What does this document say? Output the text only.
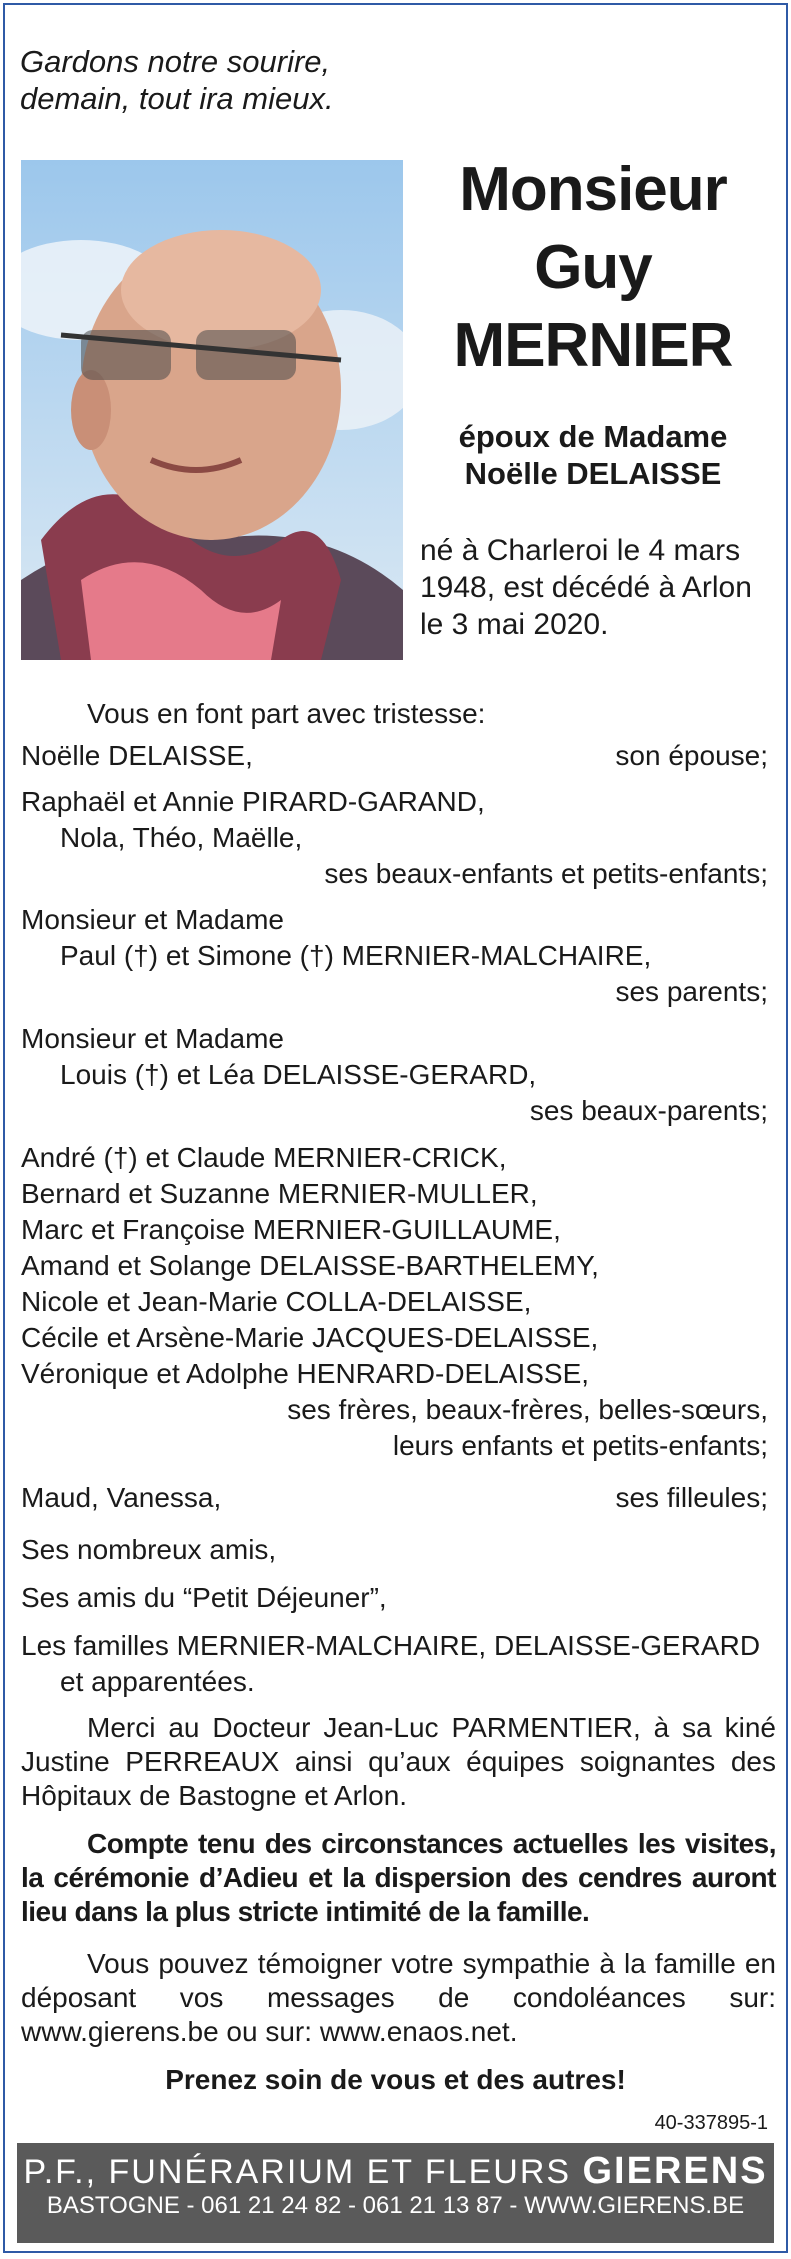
Gardons notre sourire,
demain, tout ira mieux.
Monsieur
Guy
MERNIER
époux de Madame
Noëlle DELAISSE
né à Charleroi le 4 mars
1948, est décédé à Arlon
le 3 mai 2020.
Vous en font part avec tristesse:
Noëlle DELAISSE,	son épouse;
Raphaël et Annie PIRARD-GARAND,
Nola, Théo, Maëlle,
ses beaux-enfants et petits-enfants;
Monsieur et Madame
Paul (†) et Simone (†) MERNIER-MALCHAIRE,
ses parents;
Monsieur et Madame
Louis (†) et Léa DELAISSE-GERARD,
ses beaux-parents;
André (†) et Claude MERNIER-CRICK,
Bernard et Suzanne MERNIER-MULLER,
Marc et Françoise MERNIER-GUILLAUME,
Amand et Solange DELAISSE-BARTHELEMY,
Nicole et Jean-Marie COLLA-DELAISSE,
Cécile et Arsène-Marie JACQUES-DELAISSE,
Véronique et Adolphe HENRARD-DELAISSE,
ses frères, beaux-frères, belles-sœurs,
leurs enfants et petits-enfants;
Maud, Vanessa,	ses filleules;
Ses nombreux amis,
Ses amis du “Petit Déjeuner”,
Les familles MERNIER-MALCHAIRE, DELAISSE-GERARD
et apparentées.
Merci au Docteur Jean-Luc PARMENTIER, à sa kiné Justine PERREAUX ainsi qu’aux équipes soignantes des Hôpitaux de Bastogne et Arlon.
Compte tenu des circonstances actuelles les visites, la cérémonie d’Adieu et la dispersion des cendres auront lieu dans la plus stricte intimité de la famille.
Vous pouvez témoigner votre sympathie à la famille en déposant vos messages de condoléances sur: www.gierens.be ou sur: www.enaos.net.
Prenez soin de vous et des autres!
40-337895-1
P.F., FUNÉRARIUM ET FLEURS GIERENS
BASTOGNE - 061 21 24 82 - 061 21 13 87 - WWW.GIERENS.BE
